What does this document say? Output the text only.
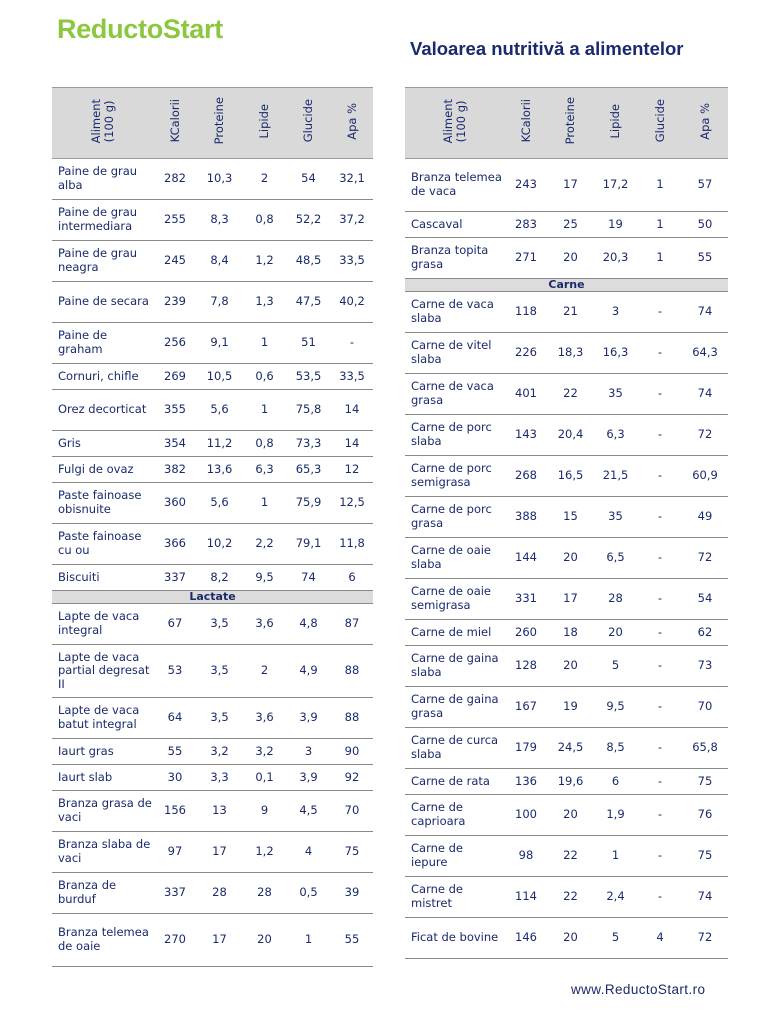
ReductoStart
Valoarea nutritivă a alimentelor
Aliment
(100 g)	KCalorii	Proteine	Lipide	Glucide	Apa %
Paine de grau alba	282	10,3	2	54	32,1
Paine de grau intermediara	255	8,3	0,8	52,2	37,2
Paine de grau neagra	245	8,4	1,2	48,5	33,5
Paine de secara	239	7,8	1,3	47,5	40,2
Paine de graham	256	9,1	1	51	-
Cornuri, chifle	269	10,5	0,6	53,5	33,5
Orez decorticat	355	5,6	1	75,8	14
Gris	354	11,2	0,8	73,3	14
Fulgi de ovaz	382	13,6	6,3	65,3	12
Paste fainoase obisnuite	360	5,6	1	75,9	12,5
Paste fainoase cu ou	366	10,2	2,2	79,1	11,8
Biscuiti	337	8,2	9,5	74	6
Lactate					
Lapte de vaca integral	67	3,5	3,6	4,8	87
Lapte de vaca partial degresat II	53	3,5	2	4,9	88
Lapte de vaca batut integral	64	3,5	3,6	3,9	88
Iaurt gras	55	3,2	3,2	3	90
Iaurt slab	30	3,3	0,1	3,9	92
Branza grasa de vaci	156	13	9	4,5	70
Branza slaba de vaci	97	17	1,2	4	75
Branza de burduf	337	28	28	0,5	39
Branza telemea de oaie	270	17	20	1	55
Aliment
(100 g)	KCalorii	Proteine	Lipide	Glucide	Apa %
Branza telemea de vaca	243	17	17,2	1	57
Cascaval	283	25	19	1	50
Branza topita grasa	271	20	20,3	1	55
Carne					
Carne de vaca slaba	118	21	3	-	74
Carne de vitel slaba	226	18,3	16,3	-	64,3
Carne de vaca grasa	401	22	35	-	74
Carne de porc slaba	143	20,4	6,3	-	72
Carne de porc semigrasa	268	16,5	21,5	-	60,9
Carne de porc grasa	388	15	35	-	49
Carne de oaie slaba	144	20	6,5	-	72
Carne de oaie semigrasa	331	17	28	-	54
Carne de miel	260	18	20	-	62
Carne de gaina slaba	128	20	5	-	73
Carne de gaina grasa	167	19	9,5	-	70
Carne de curca slaba	179	24,5	8,5	-	65,8
Carne de rata	136	19,6	6	-	75
Carne de caprioara	100	20	1,9	-	76
Carne de iepure	98	22	1	-	75
Carne de mistret	114	22	2,4	-	74
Ficat de bovine	146	20	5	4	72
www.ReductoStart.ro
